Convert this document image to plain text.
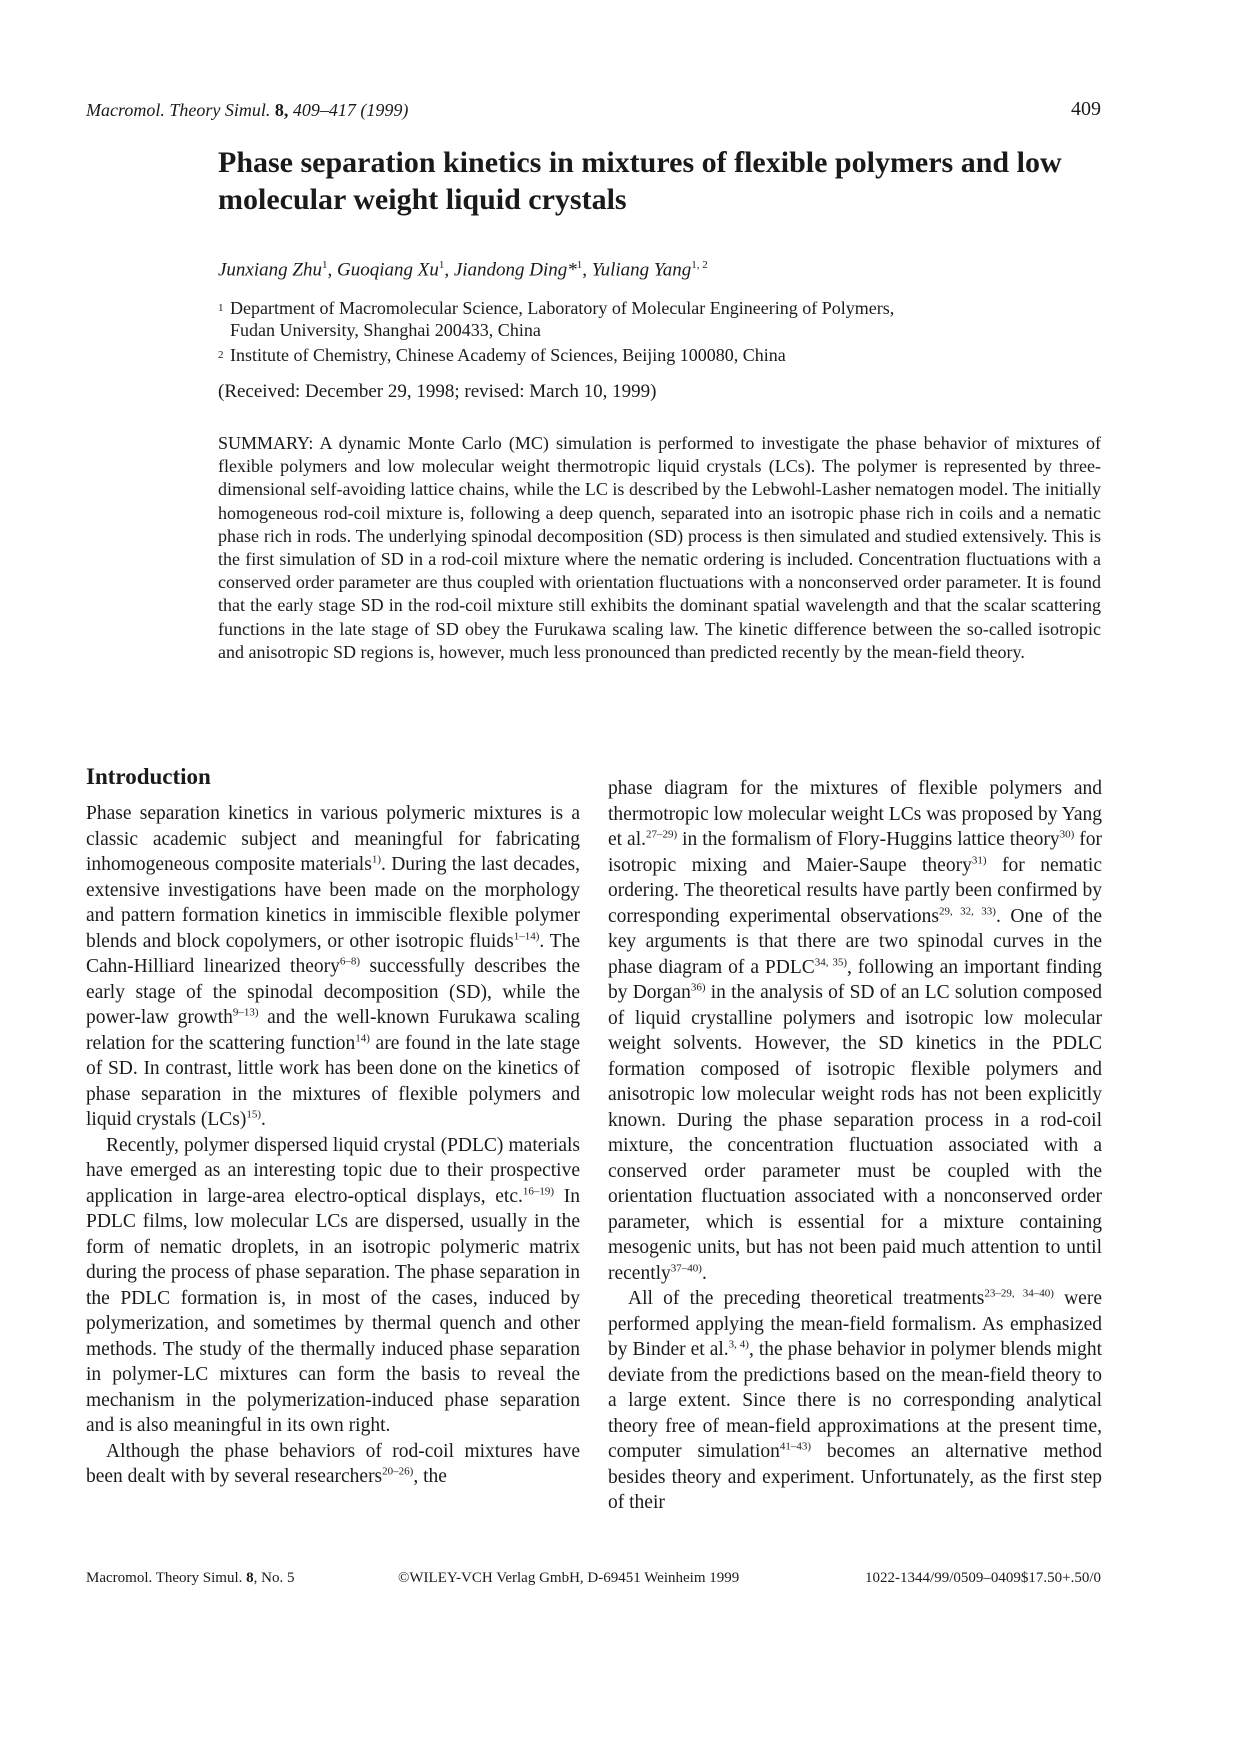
Macromol. Theory Simul. 8, 409–417 (1999)	409
Phase separation kinetics in mixtures of flexible polymers and low molecular weight liquid crystals
Junxiang Zhu$^1$, Guoqiang Xu$^1$, Jiandong Ding*$^1$, Yuliang Yang$^{1, 2}$
1 Department of Macromolecular Science, Laboratory of Molecular Engineering of Polymers,
Fudan University, Shanghai 200433, China
2 Institute of Chemistry, Chinese Academy of Sciences, Beijing 100080, China
(Received: December 29, 1998; revised: March 10, 1999)
SUMMARY: A dynamic Monte Carlo (MC) simulation is performed to investigate the phase behavior of mixtures of flexible polymers and low molecular weight thermotropic liquid crystals (LCs). The polymer is represented by three-dimensional self-avoiding lattice chains, while the LC is described by the Lebwohl-Lasher nematogen model. The initially homogeneous rod-coil mixture is, following a deep quench, separated into an isotropic phase rich in coils and a nematic phase rich in rods. The underlying spinodal decomposition (SD) process is then simulated and studied extensively. This is the first simulation of SD in a rod-coil mixture where the nematic ordering is included. Concentration fluctuations with a conserved order parameter are thus coupled with orientation fluctuations with a nonconserved order parameter. It is found that the early stage SD in the rod-coil mixture still exhibits the dominant spatial wavelength and that the scalar scattering functions in the late stage of SD obey the Furukawa scaling law. The kinetic difference between the so-called isotropic and anisotropic SD regions is, however, much less pronounced than predicted recently by the mean-field theory.
Introduction

Phase separation kinetics in various polymeric mixtures is a classic academic subject and meaningful for fabricating inhomogeneous composite materials$^{1)}$. During the last decades, extensive investigations have been made on the morphology and pattern formation kinetics in immiscible flexible polymer blends and block copolymers, or other isotropic fluids$^{1-14)}$. The Cahn-Hilliard linearized theory$^{6-8)}$ successfully describes the early stage of the spinodal decomposition (SD), while the power-law growth$^{9-13)}$ and the well-known Furukawa scaling relation for the scattering function$^{14)}$ are found in the late stage of SD. In contrast, little work has been done on the kinetics of phase separation in the mixtures of flexible polymers and liquid crystals (LCs)$^{15)}$.

Recently, polymer dispersed liquid crystal (PDLC) materials have emerged as an interesting topic due to their prospective application in large-area electro-optical displays, etc.$^{16-19)}$ In PDLC films, low molecular LCs are dispersed, usually in the form of nematic droplets, in an isotropic polymeric matrix during the process of phase separation. The phase separation in the PDLC formation is, in most of the cases, induced by polymerization, and sometimes by thermal quench and other methods. The study of the thermally induced phase separation in polymer-LC mixtures can form the basis to reveal the mechanism in the polymerization-induced phase separation and is also meaningful in its own right.

Although the phase behaviors of rod-coil mixtures have been dealt with by several researchers$^{20-26)}$, the

phase diagram for the mixtures of flexible polymers and thermotropic low molecular weight LCs was proposed by Yang et al.$^{27-29)}$ in the formalism of Flory-Huggins lattice theory$^{30)}$ for isotropic mixing and Maier-Saupe theory$^{31)}$ for nematic ordering. The theoretical results have partly been confirmed by corresponding experimental observations$^{29, 32, 33)}$. One of the key arguments is that there are two spinodal curves in the phase diagram of a PDLC$^{34, 35)}$, following an important finding by Dorgan$^{36)}$ in the analysis of SD of an LC solution composed of liquid crystalline polymers and isotropic low molecular weight solvents. However, the SD kinetics in the PDLC formation composed of isotropic flexible polymers and anisotropic low molecular weight rods has not been explicitly known. During the phase separation process in a rod-coil mixture, the concentration fluctuation associated with a conserved order parameter must be coupled with the orientation fluctuation associated with a nonconserved order parameter, which is essential for a mixture containing mesogenic units, but has not been paid much attention to until recently$^{37-40)}$.

All of the preceding theoretical treatments$^{23-29, 34-40)}$ were performed applying the mean-field formalism. As emphasized by Binder et al.$^{3, 4)}$, the phase behavior in polymer blends might deviate from the predictions based on the mean-field theory to a large extent. Since there is no corresponding analytical theory free of mean-field approximations at the present time, computer simulation$^{41-43)}$ becomes an alternative method besides theory and experiment. Unfortunately, as the first step of their

Macromol. Theory Simul. 8, No. 5	©WILEY-VCH Verlag GmbH, D-69451 Weinheim 1999	1022-1344/99/0509–0409$17.50+.50/0
